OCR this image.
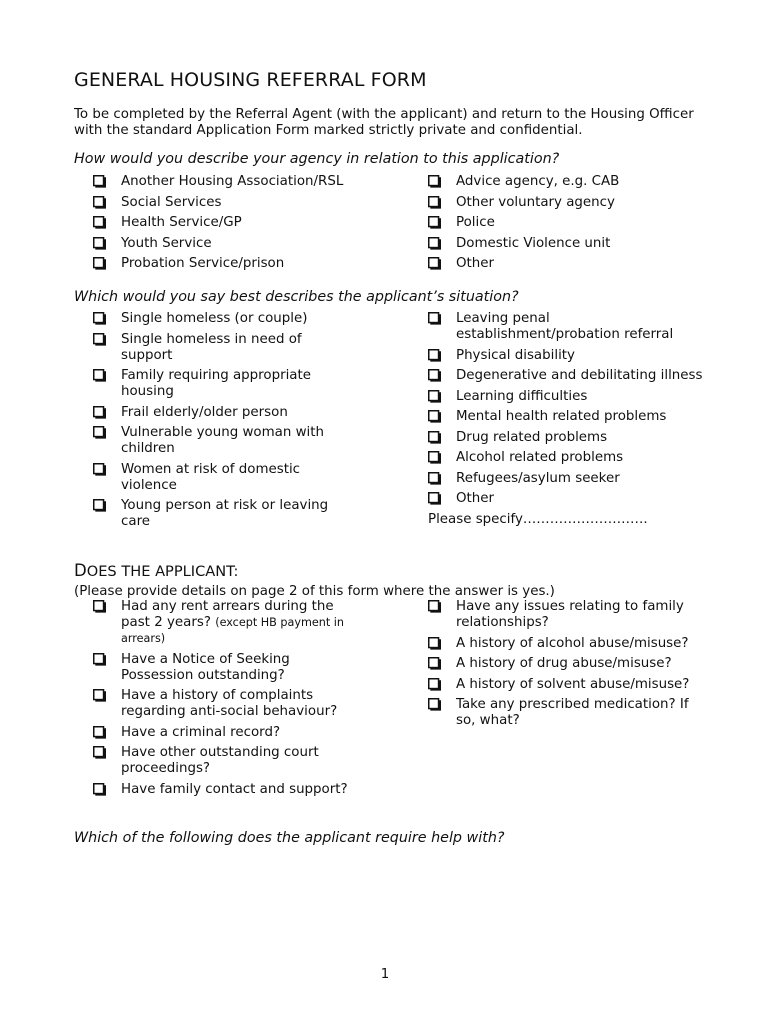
GENERAL HOUSING REFERRAL FORM
To be completed by the Referral Agent (with the applicant) and return to the Housing Officer with the standard Application Form marked strictly private and confidential.
How would you describe your agency in relation to this application?
Another Housing Association/RSL
Social Services
Health Service/GP
Youth Service
Probation Service/prison
Advice agency, e.g. CAB
Other voluntary agency
Police
Domestic Violence unit
Other
Which would you say best describes the applicant’s situation?
Single homeless (or couple)
Single homeless in need of support
Family requiring appropriate housing
Frail elderly/older person
Vulnerable young woman with children
Women at risk of domestic violence
Young person at risk or leaving care
Leaving penal establishment/probation referral
Physical disability
Degenerative and debilitating illness
Learning difficulties
Mental health related problems
Drug related problems
Alcohol related problems
Refugees/asylum seeker
Other
Please specify……………………….
DOES THE APPLICANT:
(Please provide details on page 2 of this form where the answer is yes.)
Had any rent arrears during the past 2 years? (except HB payment in arrears)
Have a Notice of Seeking Possession outstanding?
Have a history of complaints regarding anti-social behaviour?
Have a criminal record?
Have other outstanding court proceedings?
Have family contact and support?
Have any issues relating to family relationships?
A history of alcohol abuse/misuse?
A history of drug abuse/misuse?
A history of solvent abuse/misuse?
Take any prescribed medication? If so, what?
Which of the following does the applicant require help with?
1
